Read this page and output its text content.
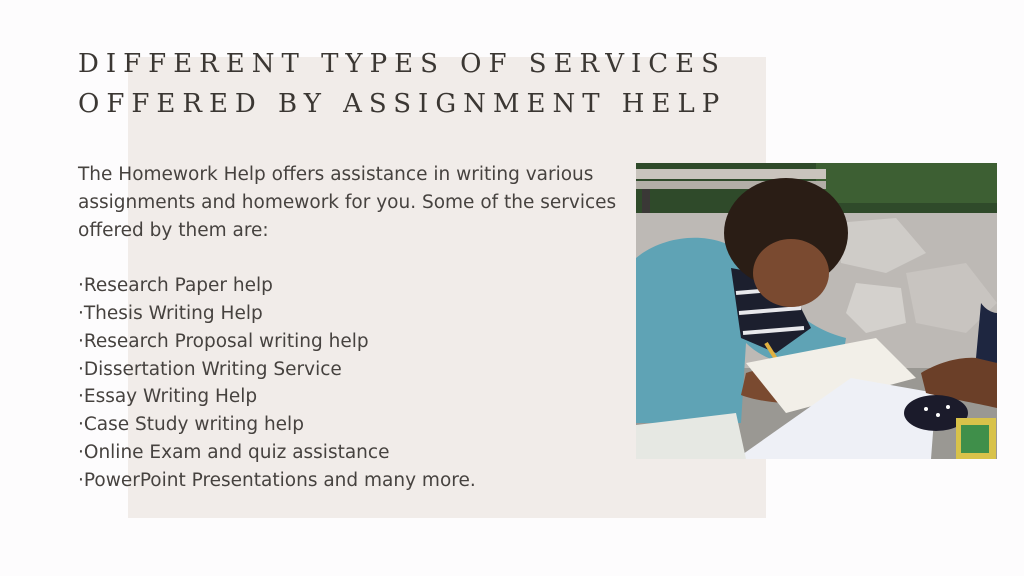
DIFFERENT TYPES OF SERVICES
OFFERED BY ASSIGNMENT HELP

The Homework Help offers assistance in writing various assignments and homework for you. Some of the services offered by them are:

·Research Paper help
·Thesis Writing Help
·Research Proposal writing help
·Dissertation Writing Service
·Essay Writing Help
·Case Study writing help
·Online Exam and quiz assistance
·PowerPoint Presentations and many more.
